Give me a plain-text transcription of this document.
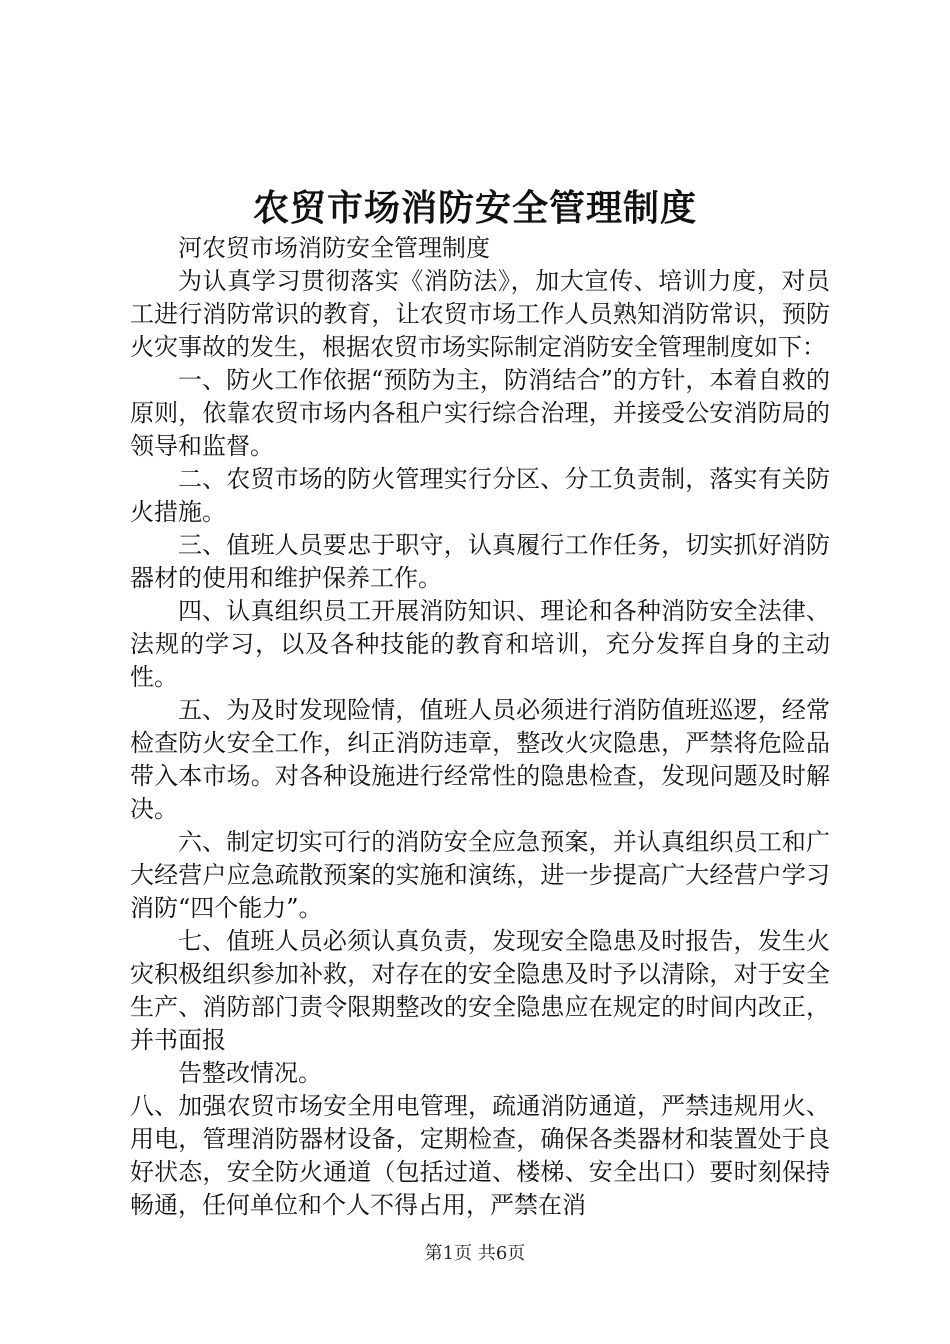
农贸市场消防安全管理制度

河农贸市场消防安全管理制度

为认真学习贯彻落实《消防法》，加大宣传、培训力度，对员工进行消防常识的教育，让农贸市场工作人员熟知消防常识，预防火灾事故的发生，根据农贸市场实际制定消防安全管理制度如下：

一、防火工作依据“预防为主，防消结合”的方针，本着自救的原则，依靠农贸市场内各租户实行综合治理，并接受公安消防局的领导和监督。

二、农贸市场的防火管理实行分区、分工负责制，落实有关防火措施。

三、值班人员要忠于职守，认真履行工作任务，切实抓好消防器材的使用和维护保养工作。

四、认真组织员工开展消防知识、理论和各种消防安全法律、法规的学习，以及各种技能的教育和培训，充分发挥自身的主动性。

五、为及时发现险情，值班人员必须进行消防值班巡逻，经常检查防火安全工作，纠正消防违章，整改火灾隐患，严禁将危险品带入本市场。对各种设施进行经常性的隐患检查，发现问题及时解决。

六、制定切实可行的消防安全应急预案，并认真组织员工和广大经营户应急疏散预案的实施和演练，进一步提高广大经营户学习消防“四个能力”。

七、值班人员必须认真负责，发现安全隐患及时报告，发生火灾积极组织参加补救，对存在的安全隐患及时予以清除，对于安全生产、消防部门责令限期整改的安全隐患应在规定的时间内改正，并书面报

告整改情况。

八、加强农贸市场安全用电管理，疏通消防通道，严禁违规用火、用电，管理消防器材设备，定期检查，确保各类器材和装置处于良好状态，安全防火通道（包括过道、楼梯、安全出口）要时刻保持畅通，任何单位和个人不得占用，严禁在消

第1页 共6页
